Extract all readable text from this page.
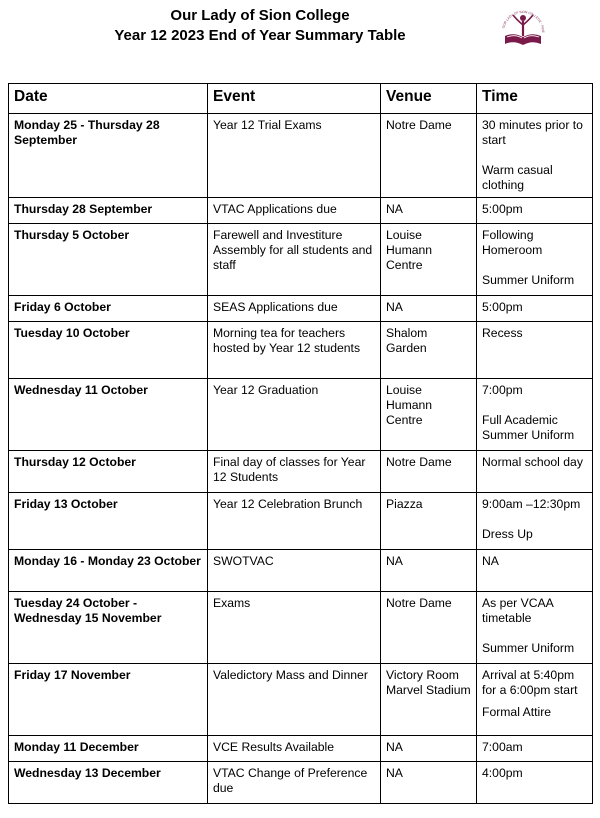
Our Lady of Sion College
Year 12 2023 End of Year Summary Table	OUR LADY OF SION COLLEGE · FIDE
Date	Event	Venue	Time
Monday 25 - Thursday 28 September	Year 12 Trial Exams	Notre Dame	30 minutes prior to start
Warm casual clothing

Thursday 28 September	VTAC Applications due	NA	5:00pm

Thursday 5 October	Farewell and Investiture Assembly for all students and staff	Louise Humann Centre	Following Homeroom
Summer Uniform

Friday 6 October	SEAS Applications due	NA	5:00pm

Tuesday 10 October	Morning tea for teachers hosted by Year 12 students	Shalom Garden	Recess

Wednesday 11 October	Year 12 Graduation	Louise Humann Centre	7:00pm
Full Academic Summer Uniform

Thursday 12 October	Final day of classes for Year 12 Students	Notre Dame	Normal school day

Friday 13 October	Year 12 Celebration Brunch	Piazza	9:00am –12:30pm
Dress Up

Monday 16 - Monday 23 October	SWOTVAC	NA	NA

Tuesday 24 October - Wednesday 15 November	Exams	Notre Dame	As per VCAA timetable
Summer Uniform

Friday 17 November	Valedictory Mass and Dinner	Victory Room Marvel Stadium	Arrival at 5:40pm for a 6:00pm start
Formal Attire

Monday 11 December	VCE Results Available	NA	7:00am

Wednesday 13 December	VTAC Change of Preference due	NA	4:00pm
